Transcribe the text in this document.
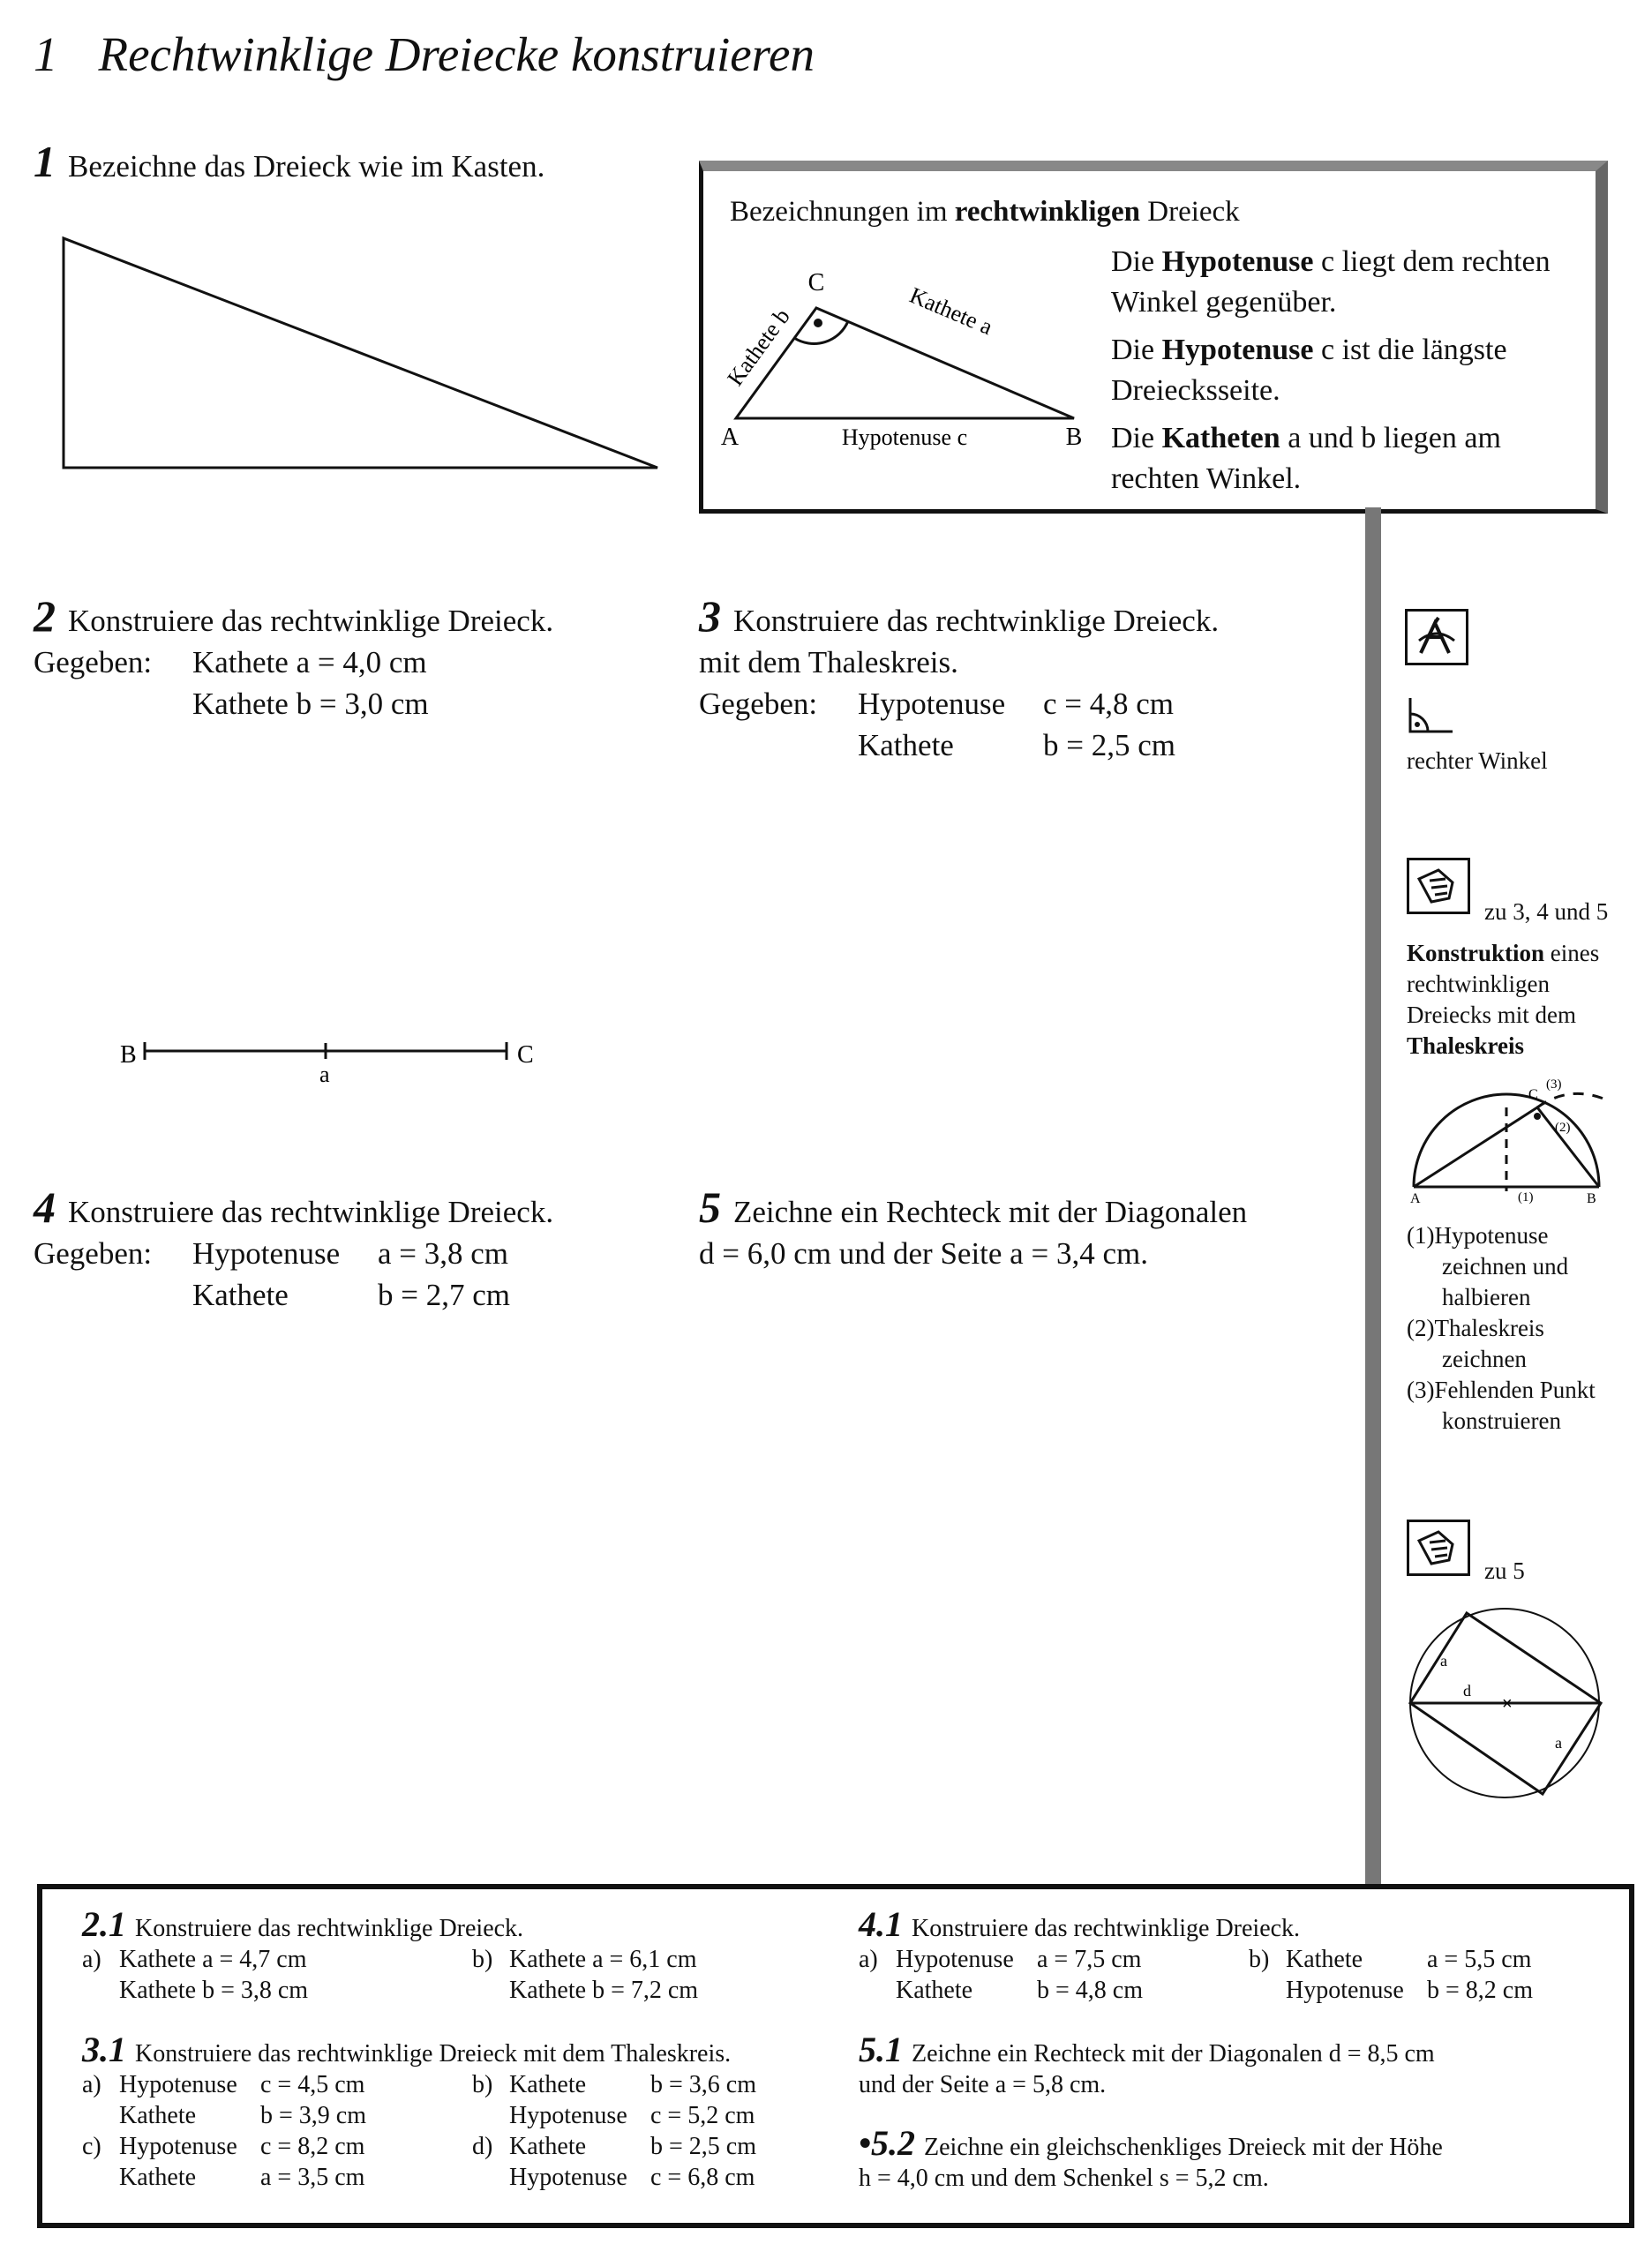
1 Rechtwinklige Dreiecke konstruieren
1 Bezeichne das Dreieck wie im Kasten.
Bezeichnungen im rechtwinkligen Dreieck
C
A	B
Hypotenuse c
Kathete b	Kathete a
Die Hypotenuse c liegt dem rechten
Winkel gegenüber.
Die Hypotenuse c ist die längste
Dreiecksseite.
Die Katheten a und b liegen am
rechten Winkel.
2 Konstruiere das rechtwinklige Dreieck.
Gegeben: Kathete a = 4,0 cm
Kathete b = 3,0 cm
B
a
C
3 Konstruiere das rechtwinklige Dreieck.
mit dem Thaleskreis.
Gegeben: Hypotenuse c = 4,8 cm
Kathete	b = 2,5 cm
4 Konstruiere das rechtwinklige Dreieck.
Gegeben: Hypotenuse a = 3,8 cm
Kathete	b = 2,7 cm
5 Zeichne ein Rechteck mit der Diagonalen
d = 6,0 cm und der Seite a = 3,4 cm.
rechter Winkel
zu 3, 4 und 5
Konstruktion eines
rechtwinkligen
Dreiecks mit dem
Thaleskreis
A	B
C
(1)
(2)
(3)
(1)Hypotenuse
zeichnen und
halbieren
(2)Thaleskreis
zeichnen
(3)Fehlenden Punkt
konstruieren
zu 5
×
a
d
a
2.1 Konstruiere das rechtwinklige Dreieck.
a) Kathete a = 4,7 cm	b) Kathete a = 6,1 cm
Kathete b = 3,8 cm	Kathete b = 7,2 cm
3.1 Konstruiere das rechtwinklige Dreieck mit dem Thaleskreis.
a) Hypotenuse c = 4,5 cm	b) Kathete	b = 3,6 cm
Kathete	b = 3,9 cm	Hypotenuse c = 5,2 cm
c) Hypotenuse c = 8,2 cm	d) Kathete	b = 2,5 cm
Kathete	a = 3,5 cm	Hypotenuse c = 6,8 cm
4.1 Konstruiere das rechtwinklige Dreieck.
a) Hypotenuse a = 7,5 cm	b) Kathete	a = 5,5 cm
Kathete	b = 4,8 cm	Hypotenuse b = 8,2 cm
5.1 Zeichne ein Rechteck mit der Diagonalen d = 8,5 cm
und der Seite a = 5,8 cm.
•5.2 Zeichne ein gleichschenkliges Dreieck mit der Höhe
h = 4,0 cm und dem Schenkel s = 5,2 cm.
